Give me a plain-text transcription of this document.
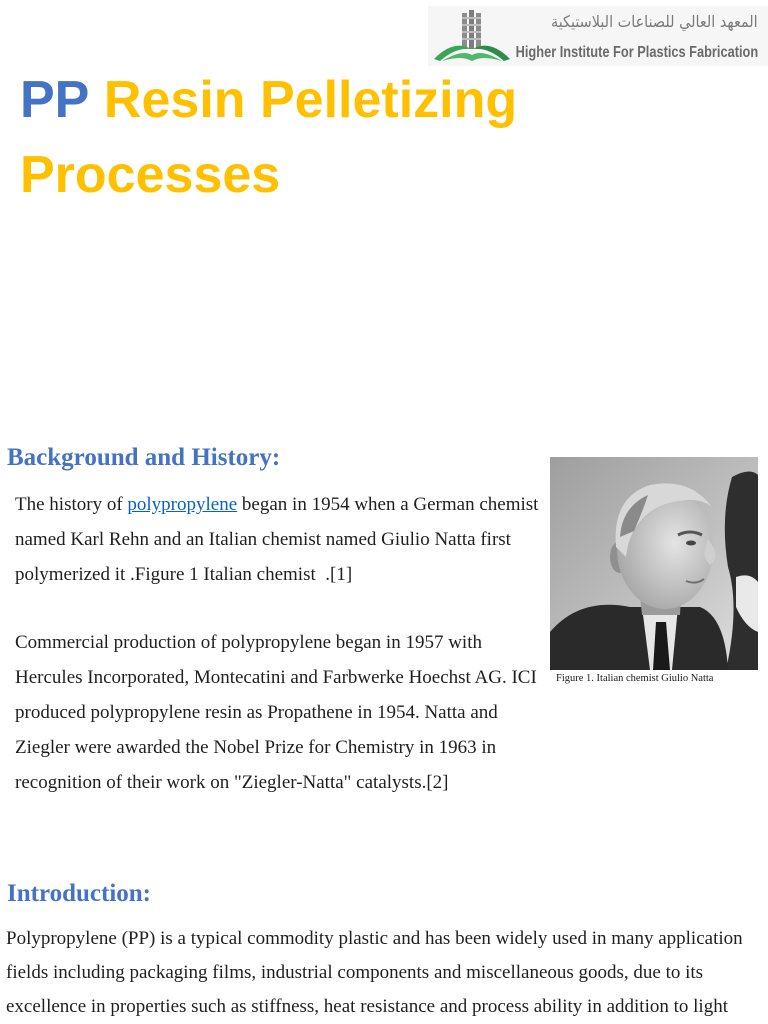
المعهد العالي للصناعات البلاستيكية
Higher Institute For Plastics Fabrication
PP Resin Pelletizing
Processes
Background and History:
The history of polypropylene began in 1954 when a German chemist
named Karl Rehn and an Italian chemist named Giulio Natta first
polymerized it .Figure 1 Italian chemist  .[1]
Commercial production of polypropylene began in 1957 with
Hercules Incorporated, Montecatini and Farbwerke Hoechst AG. ICI
produced polypropylene resin as Propathene in 1954. Natta and
Ziegler were awarded the Nobel Prize for Chemistry in 1963 in
recognition of their work on "Ziegler-Natta" catalysts.[2]
Figure 1. Italian chemist Giulio Natta
Introduction:
Polypropylene (PP) is a typical commodity plastic and has been widely used in many application
fields including packaging films, industrial components and miscellaneous goods, due to its
excellence in properties such as stiffness, heat resistance and process ability in addition to light
